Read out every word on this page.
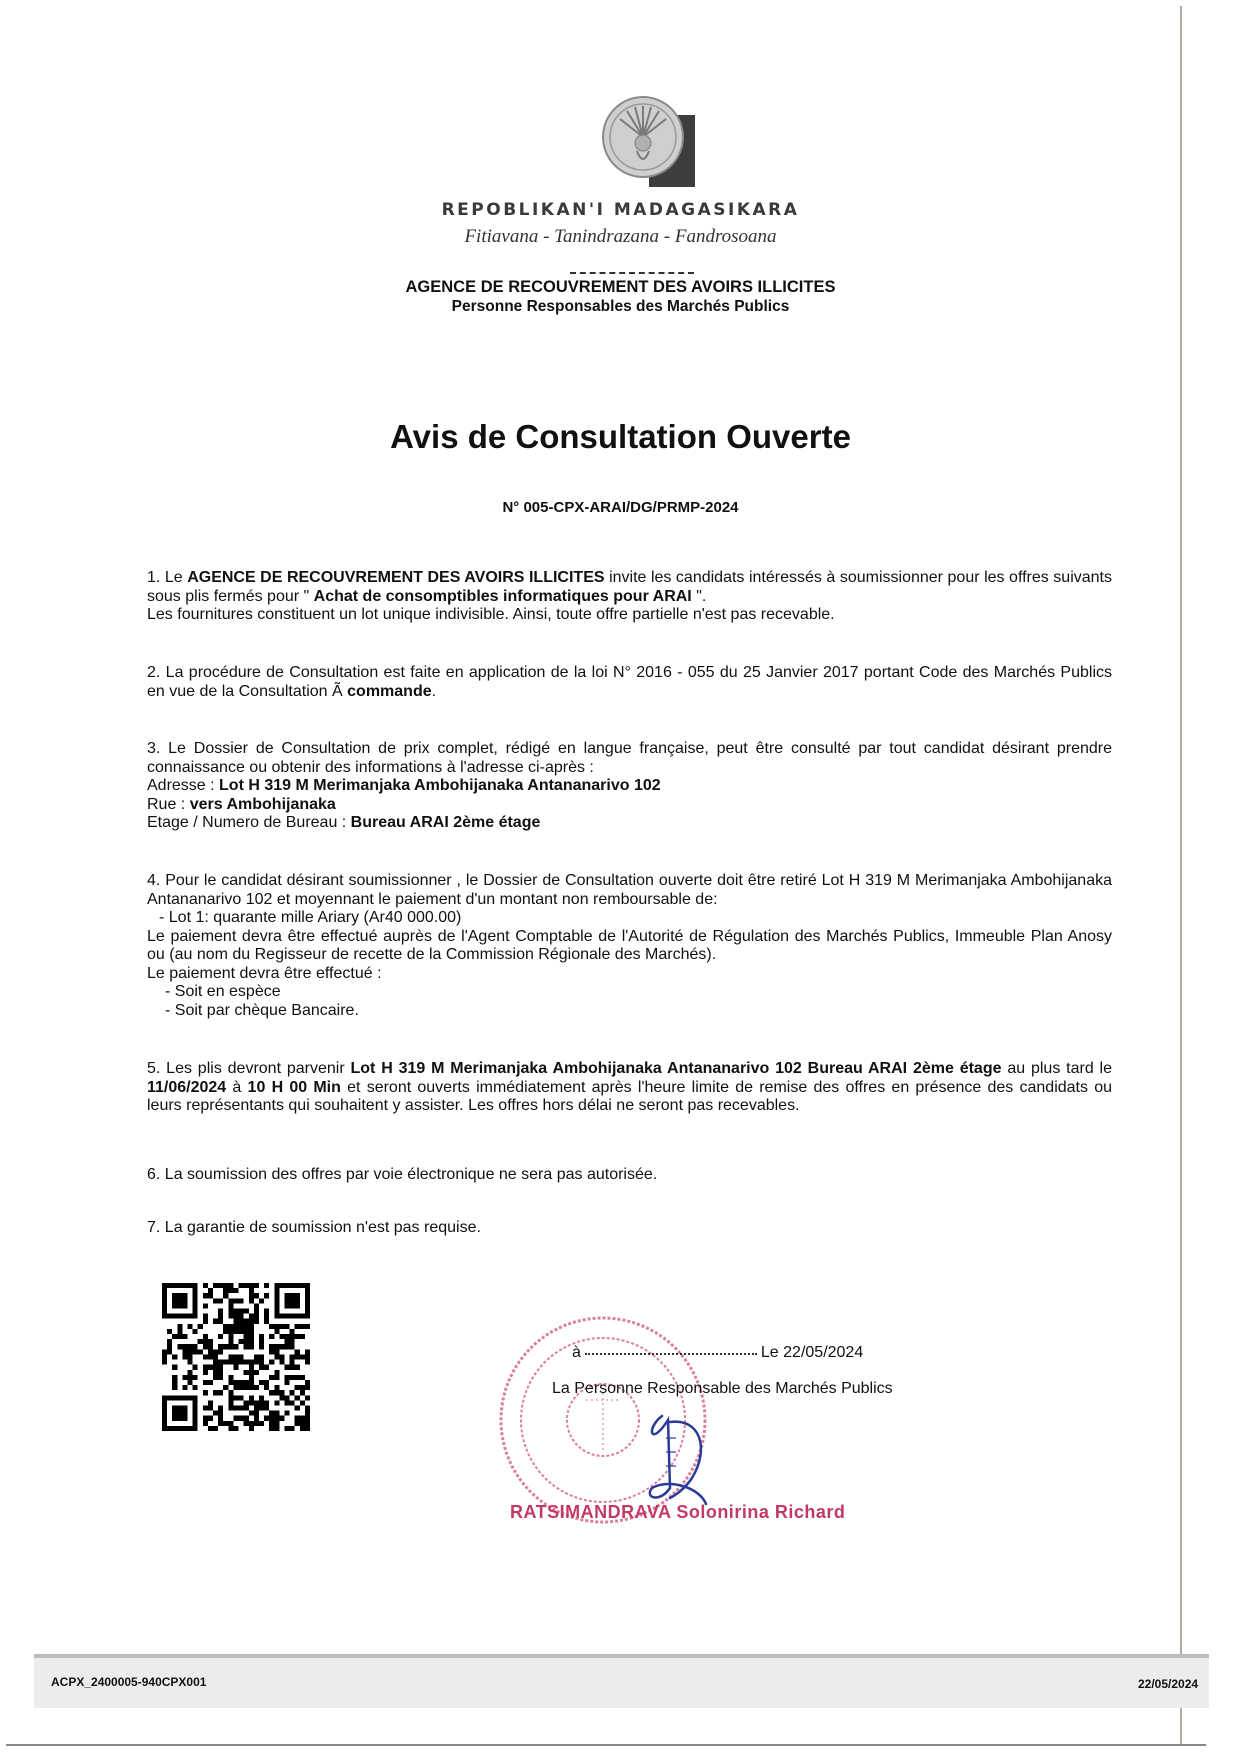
REPOBLIKAN'I MADAGASIKARA
Fitiavana - Tanindrazana - Fandrosoana
AGENCE DE RECOUVREMENT DES AVOIRS ILLICITES
Personne Responsables des Marchés Publics
Avis de Consultation Ouverte
N° 005-CPX-ARAI/DG/PRMP-2024

1. Le AGENCE DE RECOUVREMENT DES AVOIRS ILLICITES invite les candidats intéressés à soumissionner pour les offres suivants sous plis fermés pour " Achat de consomptibles informatiques pour ARAI ".

Les fournitures constituent un lot unique indivisible. Ainsi, toute offre partielle n'est pas recevable.

2. La procédure de Consultation est faite en application de la loi N° 2016 - 055 du 25 Janvier 2017 portant Code des Marchés Publics en vue de la Consultation Ã commande.

3. Le Dossier de Consultation de prix complet, rédigé en langue française, peut être consulté par tout candidat désirant prendre connaissance ou obtenir des informations à l'adresse ci-après :

Adresse : Lot H 319 M Merimanjaka Ambohijanaka Antananarivo 102

Rue : vers Ambohijanaka

Etage / Numero de Bureau : Bureau ARAI 2ème étage

4. Pour le candidat désirant soumissionner , le Dossier de Consultation ouverte doit être retiré Lot H 319 M Merimanjaka Ambohijanaka Antananarivo 102 et moyennant le paiement d'un montant non remboursable de:

- Lot 1: quarante mille Ariary (Ar40 000.00)

Le paiement devra être effectué auprès de l'Agent Comptable de l'Autorité de Régulation des Marchés Publics, Immeuble Plan Anosy ou (au nom du Regisseur de recette de la Commission Régionale des Marchés).

Le paiement devra être effectué :

- Soit en espèce

- Soit par chèque Bancaire.

5. Les plis devront parvenir Lot H 319 M Merimanjaka Ambohijanaka Antananarivo 102 Bureau ARAI 2ème étage au plus tard le 11/06/2024 à 10 H 00 Min et seront ouverts immédiatement après l'heure limite de remise des offres en présence des candidats ou leurs représentants qui souhaitent y assister. Les offres hors délai ne seront pas recevables.

6. La soumission des offres par voie électronique ne sera pas autorisée.

7. La garantie de soumission n'est pas requise.

à	Le 22/05/2024
La Personne Responsable des Marchés Publics
RATSIMANDRAVA Solonirina Richard
ACPX_2400005-940CPX001	22/05/2024
